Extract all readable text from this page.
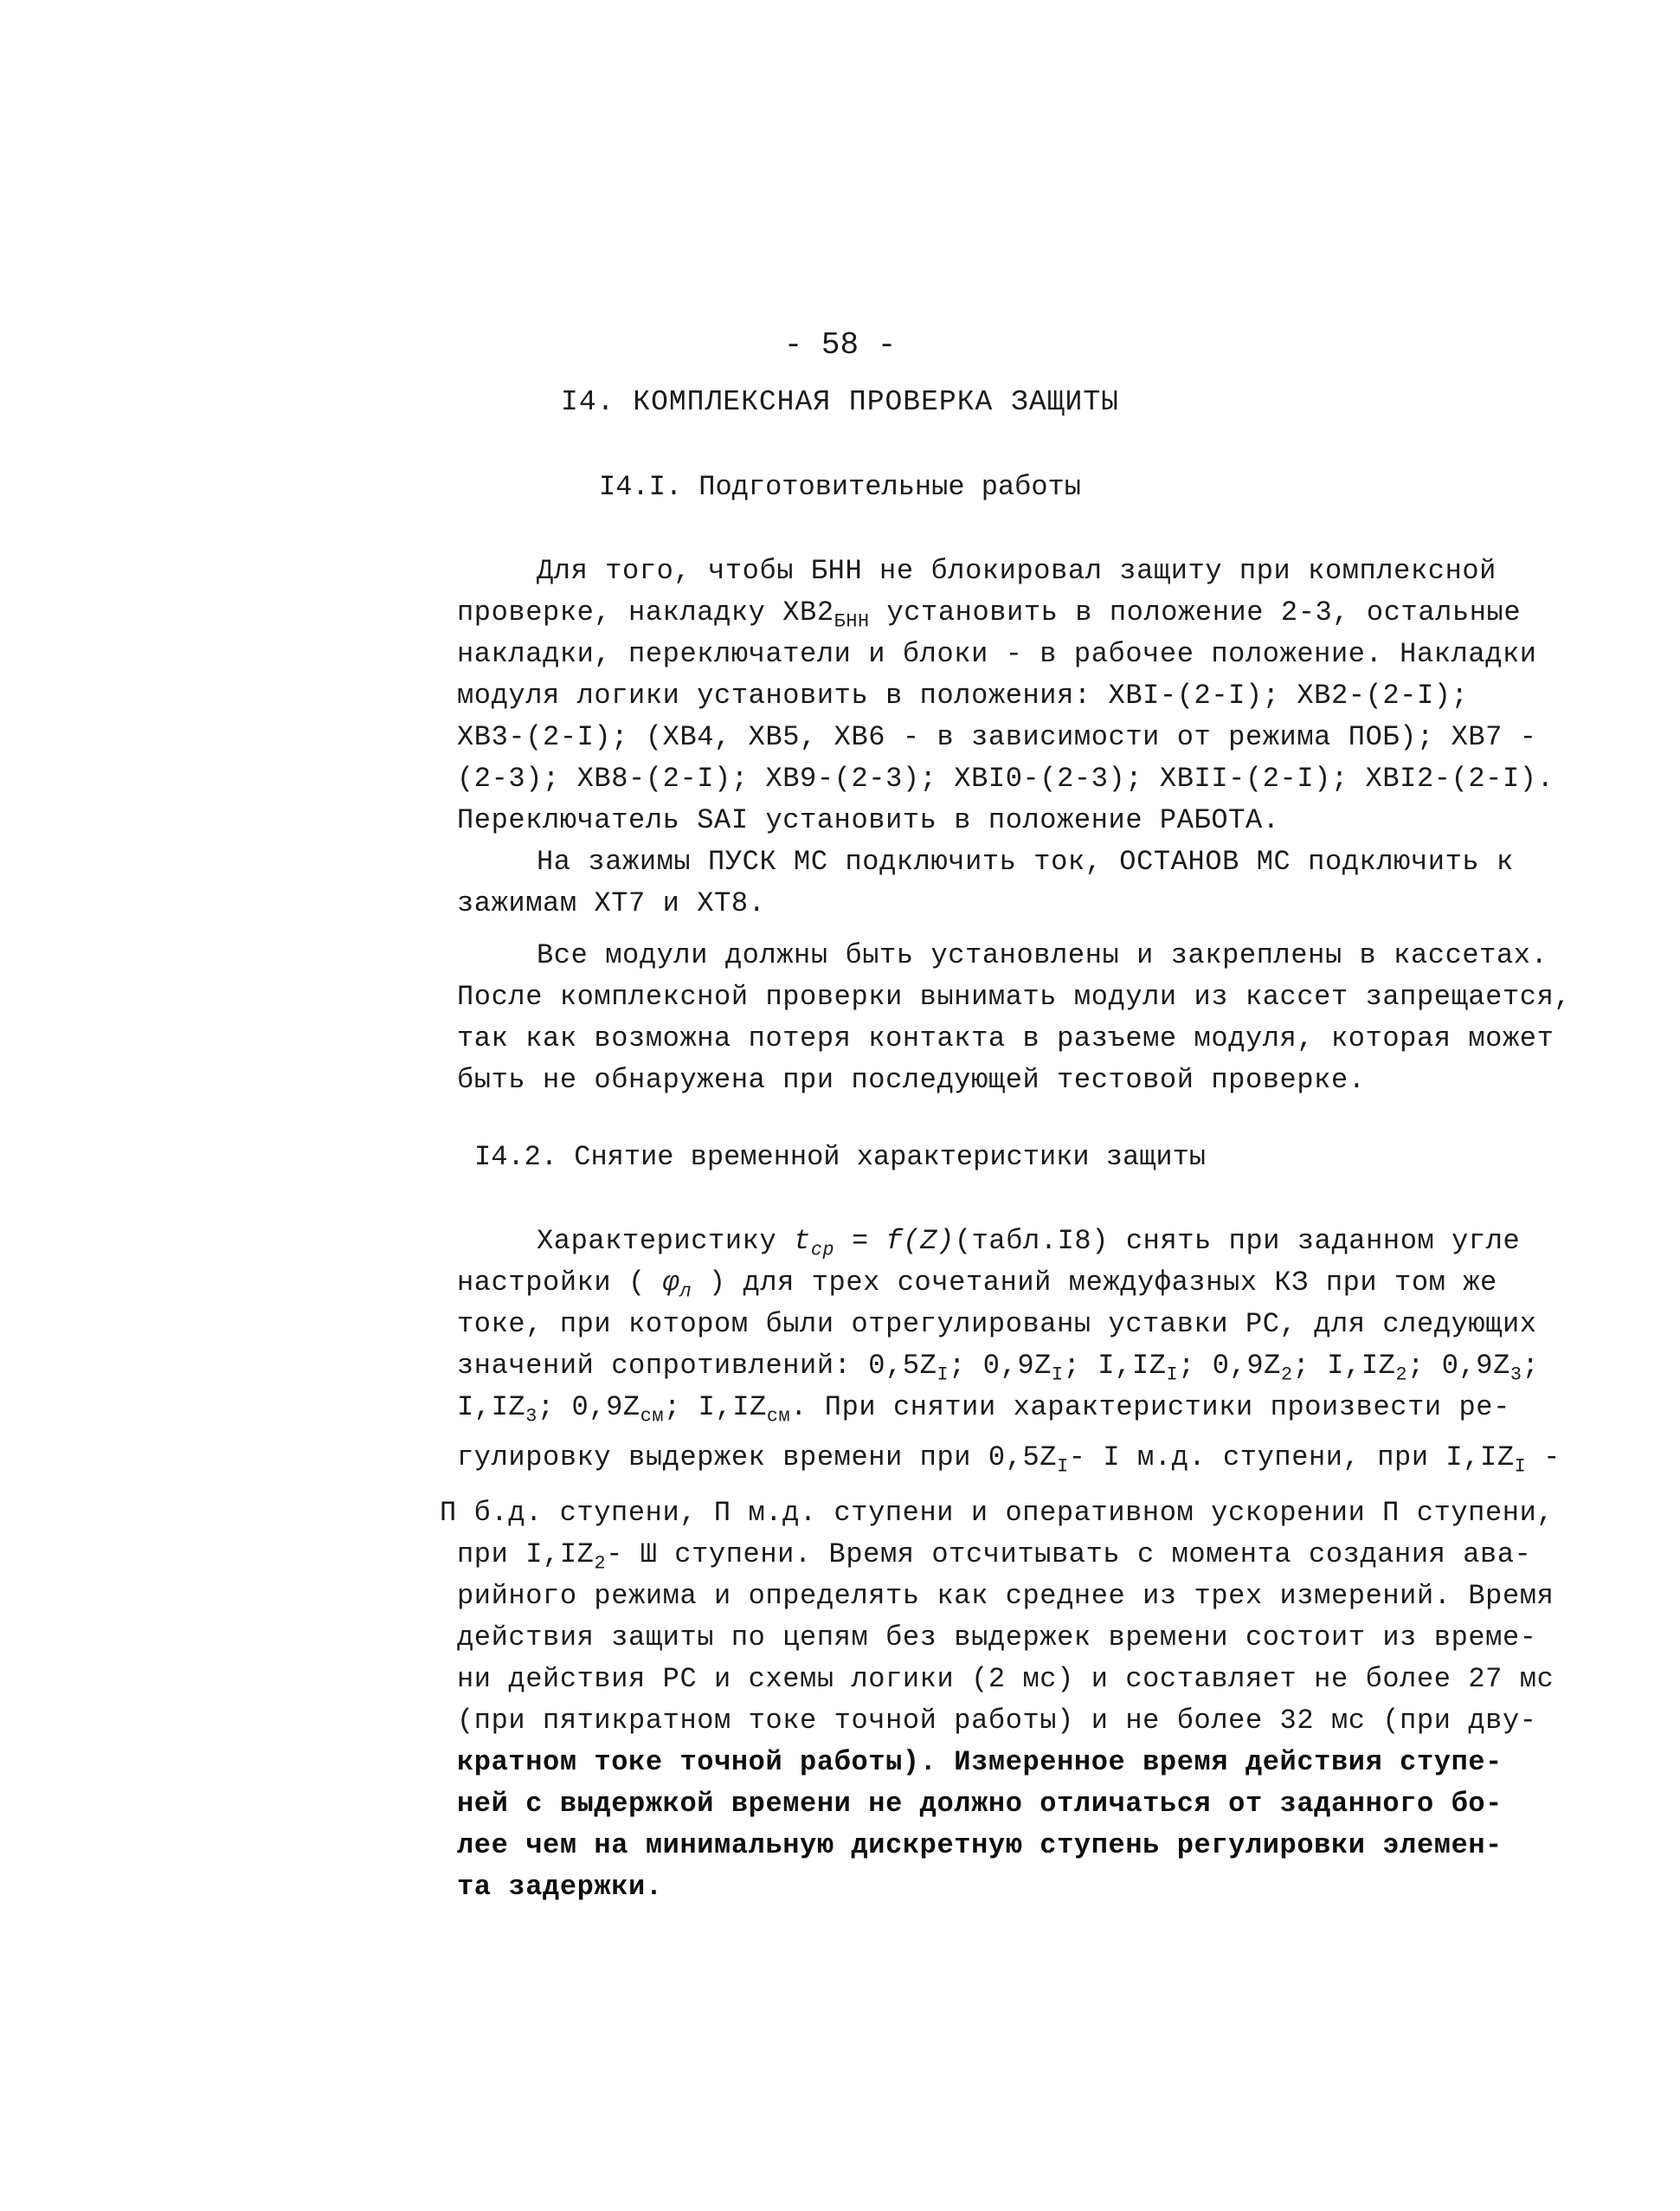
- 58 -
I4. КОМПЛЕКСНАЯ ПРОВЕРКА ЗАЩИТЫ
I4.I. Подготовительные работы
Для того, чтобы БНН не блокировал защиту при комплексной
проверке, накладку $XB2_{БНН}$ установить в положение 2-3, остальные
накладки, переключатели и блоки - в рабочее положение. Накладки
модуля логики установить в положения: XBI-(2-I); XB2-(2-I);
XB3-(2-I); (XB4, XB5, XB6 - в зависимости от режима ПОБ); XB7 -
(2-3); XB8-(2-I); XB9-(2-3); XBI0-(2-3); XBII-(2-I); XBI2-(2-I).
Переключатель SAI установить в положение РАБОТА.
На зажимы ПУСК МС подключить ток, ОСТАНОВ МС подключить к
зажимам XT7 и XT8.
Все модули должны быть установлены и закреплены в кассетах.
После комплексной проверки вынимать модули из кассет запрещается,
так как возможна потеря контакта в разъеме модуля, которая может
быть не обнаружена при последующей тестовой проверке.
I4.2. Снятие временной характеристики защиты
Характеристику $t_{ср}$ = f(Z)(табл.I8) снять при заданном угле
настройки ( $\varphi_л$ ) для трех сочетаний междуфазных КЗ при том же
токе, при котором были отрегулированы уставки РС, для следующих
значений сопротивлений: $0,5Z_I$; $0,9Z_I$; $I,IZ_I$; $0,9Z_2$; $I,IZ_2$; $0,9Z_3$;
$I,IZ_3$; $0,9Z_{см}$; $I,IZ_{см}$. При снятии характеристики произвести ре-
гулировку выдержек времени при $0,5Z_I-$ I м.д. ступени, при $I,IZ_I$ -
П б.д. ступени, П м.д. ступени и оперативном ускорении П ступени,
при $I,IZ_2-$ Ш ступени. Время отсчитывать с момента создания ава-
рийного режима и определять как среднее из трех измерений. Время
действия защиты по цепям без выдержек времени состоит из време-
ни действия РС и схемы логики (2 мс) и составляет не более 27 мс
(при пятикратном токе точной работы) и не более 32 мс (при дву-
кратном токе точной работы). Измеренное время действия ступе-
ней с выдержкой времени не должно отличаться от заданного бо-
лее чем на минимальную дискретную ступень регулировки элемен-
та задержки.
